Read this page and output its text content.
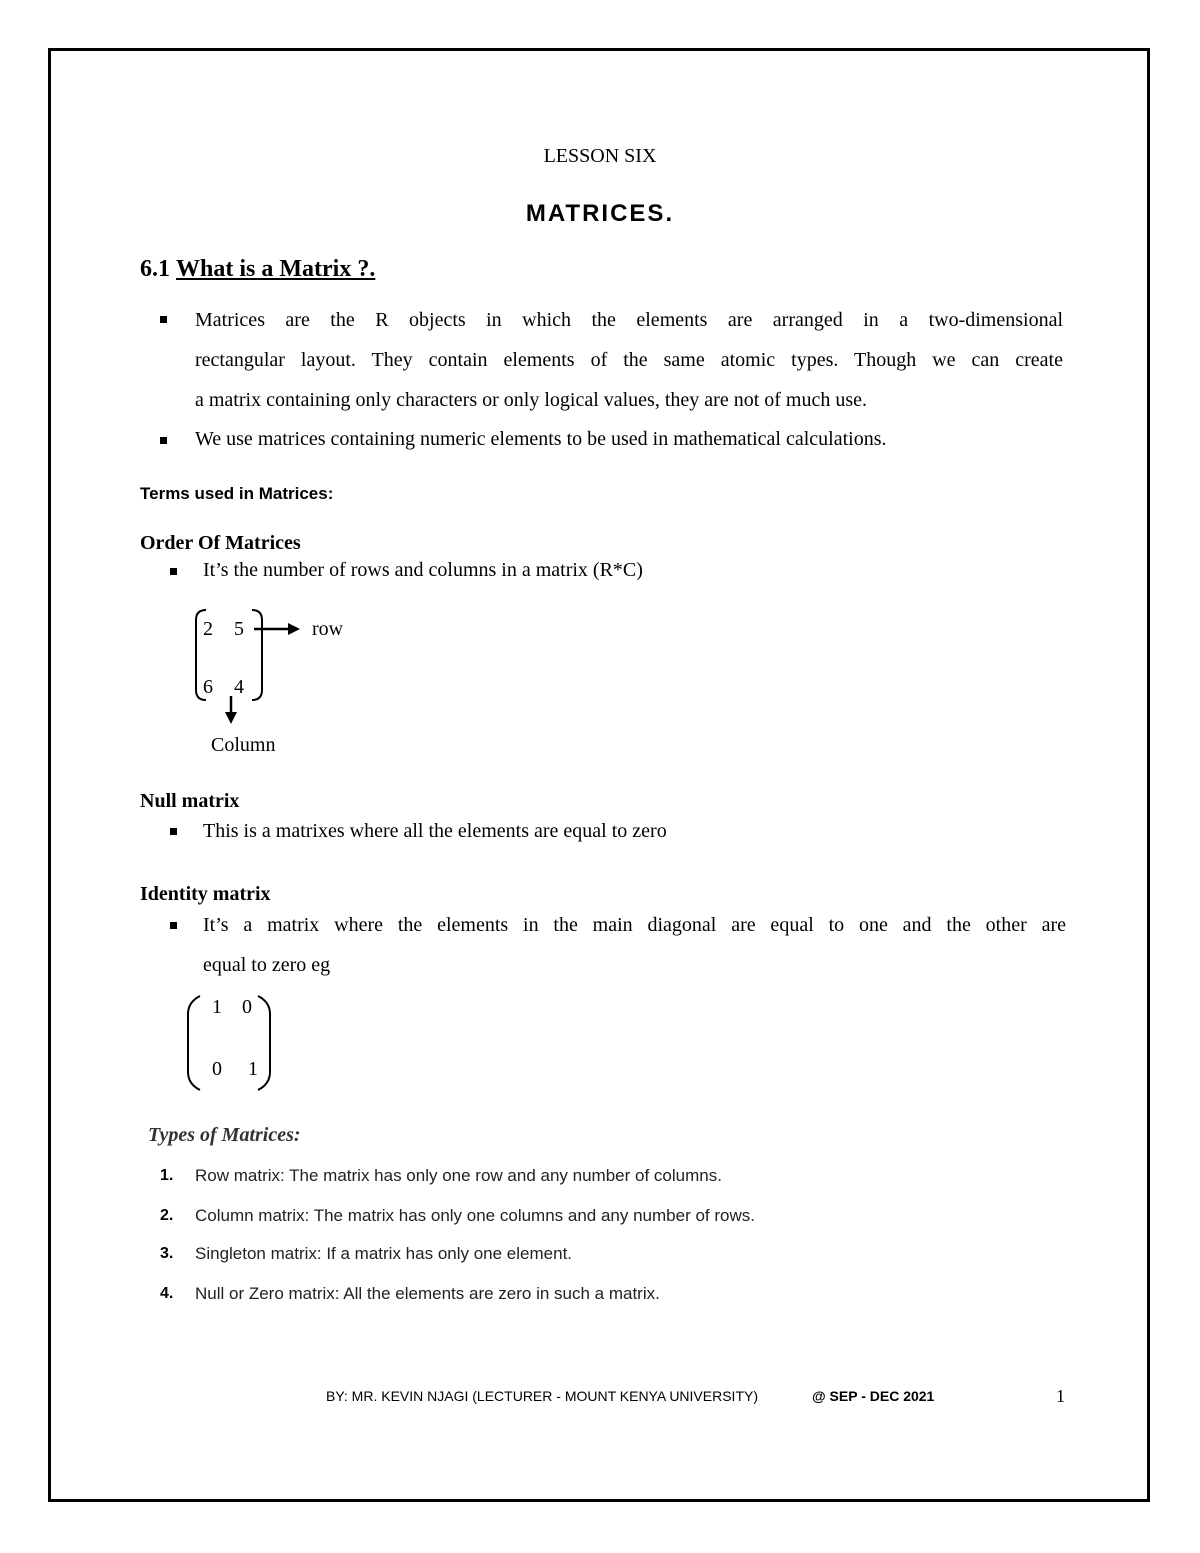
LESSON SIX
MATRICES.
6.1 What is a Matrix ?.
Matrices are the R objects in which the elements are arranged in a two-dimensional
rectangular layout. They contain elements of the same atomic types. Though we can create
a matrix containing only characters or only logical values, they are not of much use.
We use matrices containing numeric elements to be used in mathematical calculations.
Terms used in Matrices:
Order Of Matrices
It’s the number of rows and columns in a matrix (R*C)
2 5
6 4
row
Column
Null matrix
This is a matrixes where all the elements are equal to zero
Identity matrix
It’s a matrix where the elements in the main diagonal are equal to one and the other are
equal to zero eg
1 0
0 1
Types of Matrices:
1. Row matrix: The matrix has only one row and any number of columns.
2. Column matrix: The matrix has only one columns and any number of rows.
3. Singleton matrix: If a matrix has only one element.
4. Null or Zero matrix: All the elements are zero in such a matrix.
BY: MR. KEVIN NJAGI (LECTURER - MOUNT KENYA UNIVERSITY)	@ SEP - DEC 2021	1
